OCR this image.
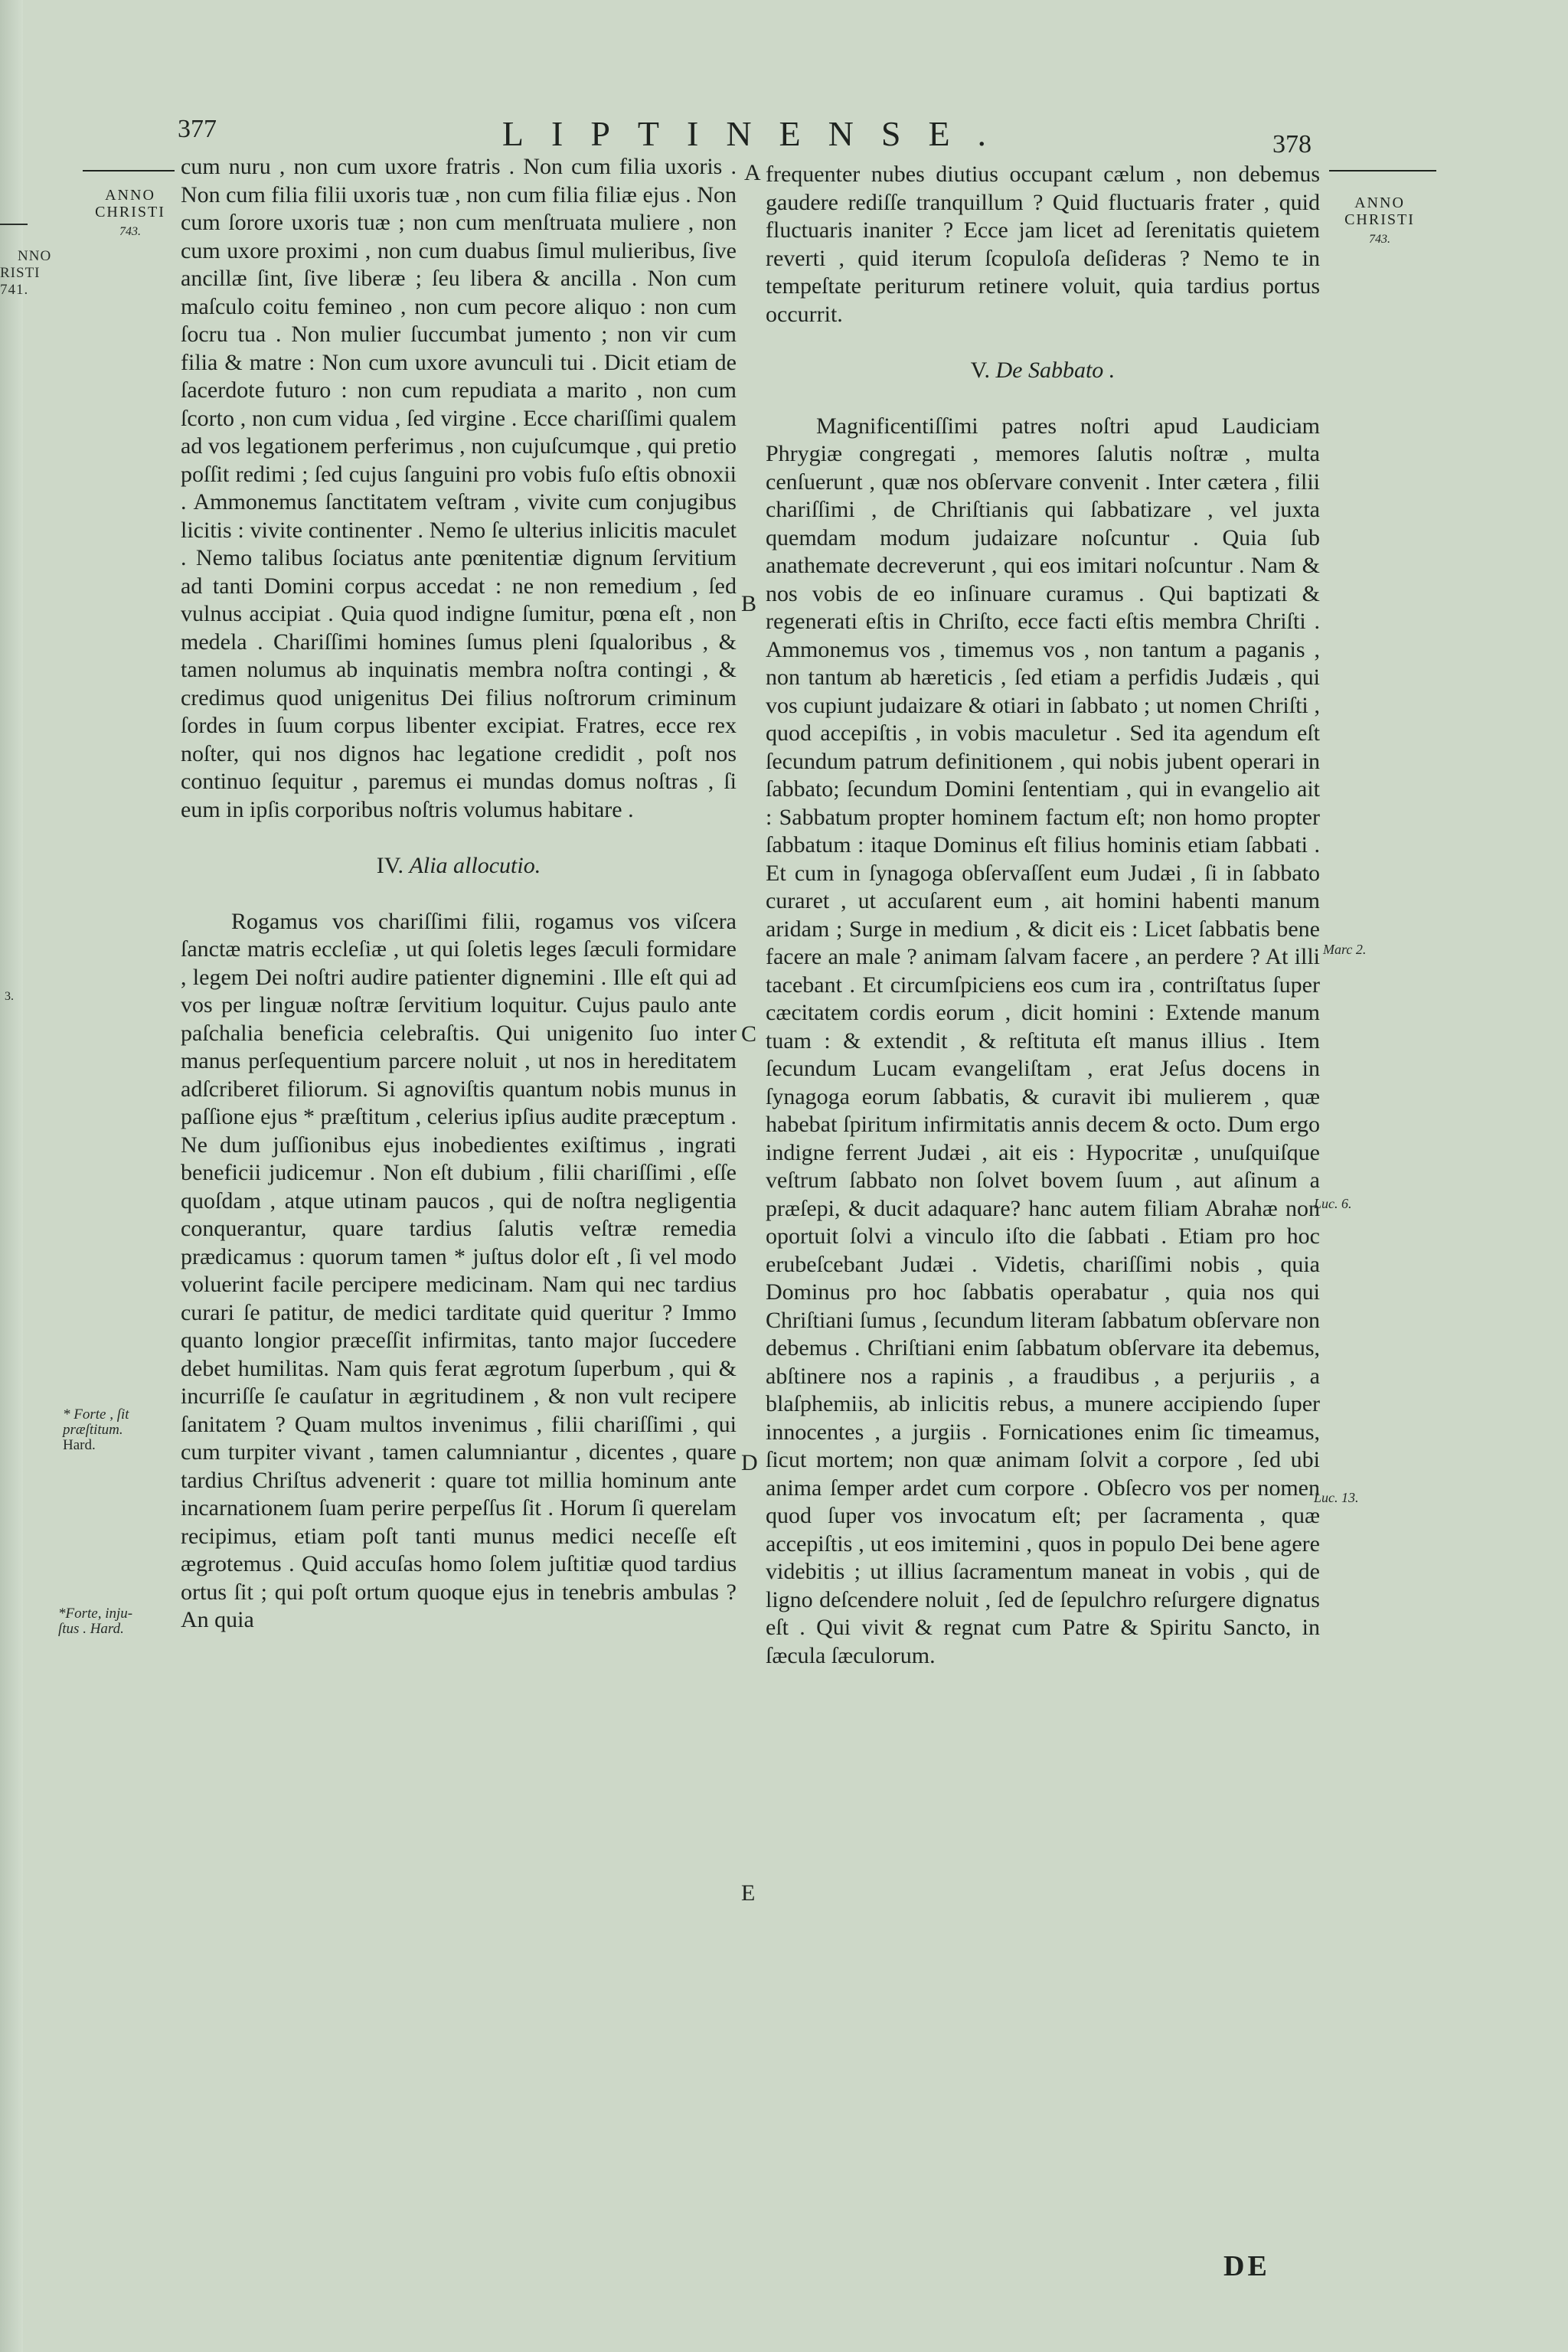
NNO
RISTI
741.

3.
377	LIPTINENSE.	378
ANNO
CHRISTI
743.
ANNO
CHRISTI
743.

cum nuru , non cum uxore fratris . Non cum filia uxoris . Non cum filia filii uxoris tuæ , non cum filia filiæ ejus . Non cum ſorore uxoris tuæ ; non cum menſtruata muliere , non cum uxore proximi , non cum duabus ſimul mulieribus, ſive ancillæ ſint, ſive liberæ ; ſeu libera & ancilla . Non cum maſculo coitu femineo , non cum pecore aliquo : non cum ſocru tua . Non mulier ſuccumbat jumento ; non vir cum filia & matre : Non cum uxore avunculi tui . Dicit etiam de ſacerdote futuro : non cum repudiata a marito , non cum ſcorto , non cum vidua , ſed virgine . Ecce chariſſimi qualem ad vos legationem perferimus , non cujuſcumque , qui pretio poſſit redimi ; ſed cujus ſanguini pro vobis fuſo eſtis obnoxii . Ammonemus ſanctitatem veſtram , vivite cum conjugibus licitis : vivite continenter . Nemo ſe ulterius inlicitis maculet . Nemo talibus ſociatus ante pœnitentiæ dignum ſervitium ad tanti Domini corpus accedat : ne non remedium , ſed vulnus accipiat . Quia quod indigne ſumitur, pœna eſt , non medela . Chariſſimi homines ſumus pleni ſqualoribus , & tamen nolumus ab inquinatis membra noſtra contingi , & credimus quod unigenitus Dei filius noſtrorum criminum ſordes in ſuum corpus libenter excipiat. Fratres, ecce rex noſter, qui nos dignos hac legatione credidit , poſt nos continuo ſequitur , paremus ei mundas domus noſtras , ſi eum in ipſis corporibus noſtris volumus habitare .

IV. Alia allocutio.

Rogamus vos chariſſimi filii, rogamus vos viſcera ſanctæ matris eccleſiæ , ut qui ſoletis leges ſæculi formidare , legem Dei noſtri audire patienter dignemini . Ille eſt qui ad vos per linguæ noſtræ ſervitium loquitur. Cujus paulo ante paſchalia beneficia celebraſtis. Qui unigenito ſuo inter manus perſequentium parcere noluit , ut nos in hereditatem adſcriberet filiorum. Si agnoviſtis quantum nobis munus in paſſione ejus * præſtitum , celerius ipſius audite præceptum . Ne dum juſſionibus ejus inobedientes exiſtimus , ingrati beneficii judicemur . Non eſt dubium , filii chariſſimi , eſſe quoſdam , atque utinam paucos , qui de noſtra negligentia conquerantur, quare tardius ſalutis veſtræ remedia prædicamus : quorum tamen * juſtus dolor eſt , ſi vel modo voluerint facile percipere medicinam. Nam qui nec tardius curari ſe patitur, de medici tarditate quid queritur ? Immo quanto longior præceſſit infirmitas, tanto major ſuccedere debet humilitas. Nam quis ferat ægrotum ſuperbum , qui & incurriſſe ſe cauſatur in ægritudinem , & non vult recipere ſanitatem ? Quam multos invenimus , filii chariſſimi , qui cum turpiter vivant , tamen calumniantur , dicentes , quare tardius Chriſtus advenerit : quare tot millia hominum ante incarnationem ſuam perire perpeſſus ſit . Horum ſi querelam recipimus, etiam poſt tanti munus medici neceſſe eſt ægrotemus . Quid accuſas homo ſolem juſtitiæ quod tardius ortus ſit ; qui poſt ortum quoque ejus in tenebris ambulas ? An quia

frequenter nubes diutius occupant cælum , non debemus gaudere rediſſe tranquillum ? Quid fluctuaris frater , quid fluctuaris inaniter ? Ecce jam licet ad ſerenitatis quietem reverti , quid iterum ſcopuloſa deſideras ? Nemo te in tempeſtate periturum retinere voluit, quia tardius portus occurrit.

V. De Sabbato .

Magnificentiſſimi patres noſtri apud Laudiciam Phrygiæ congregati , memores ſalutis noſtræ , multa cenſuerunt , quæ nos obſervare convenit . Inter cætera , filii chariſſimi , de Chriſtianis qui ſabbatizare , vel juxta quemdam modum judaizare noſcuntur . Quia ſub anathemate decreverunt , qui eos imitari noſcuntur . Nam & nos vobis de eo inſinuare curamus . Qui baptizati & regenerati eſtis in Chriſto, ecce facti eſtis membra Chriſti . Ammonemus vos , timemus vos , non tantum a paganis , non tantum ab hæreticis , ſed etiam a perfidis Judæis , qui vos cupiunt judaizare & otiari in ſabbato ; ut nomen Chriſti , quod accepiſtis , in vobis maculetur . Sed ita agendum eſt ſecundum patrum definitionem , qui nobis jubent operari in ſabbato; ſecundum Domini ſententiam , qui in evangelio ait : Sabbatum propter hominem factum eſt; non homo propter ſabbatum : itaque Dominus eſt filius hominis etiam ſabbati . Et cum in ſynagoga obſervaſſent eum Judæi , ſi in ſabbato curaret , ut accuſarent eum , ait homini habenti manum aridam ; Surge in medium , & dicit eis : Licet ſabbatis bene facere an male ? animam ſalvam facere , an perdere ? At illi tacebant . Et circumſpiciens eos cum ira , contriſtatus ſuper cæcitatem cordis eorum , dicit homini : Extende manum tuam : & extendit , & reſtituta eſt manus illius . Item ſecundum Lucam evangeliſtam , erat Jeſus docens in ſynagoga eorum ſabbatis, & curavit ibi mulierem , quæ habebat ſpiritum infirmitatis annis decem & octo. Dum ergo indigne ferrent Judæi , ait eis : Hypocritæ , unuſquiſque veſtrum ſabbato non ſolvet bovem ſuum , aut aſinum a præſepi, & ducit adaquare? hanc autem filiam Abrahæ non oportuit ſolvi a vinculo iſto die ſabbati . Etiam pro hoc erubeſcebant Judæi . Videtis, chariſſimi nobis , quia Dominus pro hoc ſabbatis operabatur , quia nos qui Chriſtiani ſumus , ſecundum literam ſabbatum obſervare non debemus . Chriſtiani enim ſabbatum obſervare ita debemus, abſtinere nos a rapinis , a fraudibus , a perjuriis , a blaſphemiis, ab inlicitis rebus, a munere accipiendo ſuper innocentes , a jurgiis . Fornicationes enim ſic timeamus, ſicut mortem; non quæ animam ſolvit a corpore , ſed ubi anima ſemper ardet cum corpore . Obſecro vos per nomen quod ſuper vos invocatum eſt; per ſacramenta , quæ accepiſtis , ut eos imitemini , quos in populo Dei bene agere videbitis ; ut illius ſacramentum maneat in vobis , qui de ligno deſcendere noluit , ſed de ſepulchro reſurgere dignatus eſt . Qui vivit & regnat cum Patre & Spiritu Sancto, in ſæcula ſæculorum.

A
B
C
D
E
* Forte , ſit
præſtitum.
Hard.
*Forte, inju-
ſtus . Hard.
Marc 2.
Luc. 6.
Luc. 13.
DE
